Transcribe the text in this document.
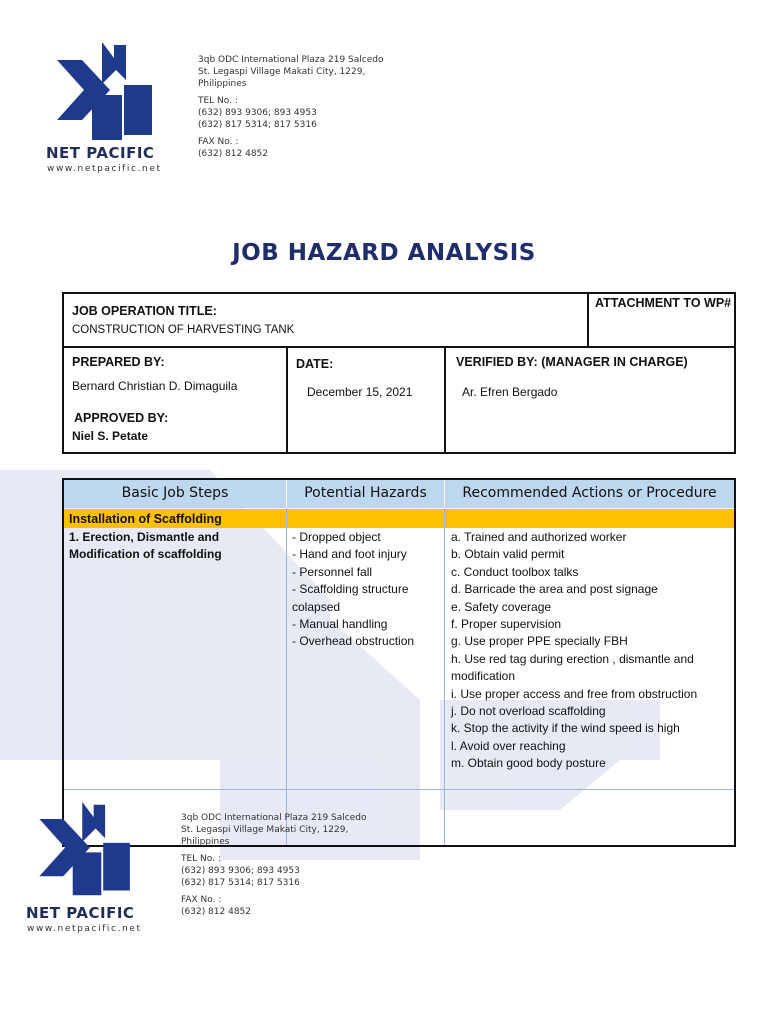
NET PACIFIC
www.netpacific.net
3qb ODC International Plaza 219 Salcedo
St. Legaspi Village Makati City, 1229,
Philippines
TEL No. :
(632) 893 9306; 893 4953
(632) 817 5314; 817 5316
FAX No. :
(632) 812 4852
JOB HAZARD ANALYSIS
JOB OPERATION TITLE:
CONSTRUCTION OF HARVESTING TANK
ATTACHMENT TO WP#
PREPARED BY:
Bernard Christian D. Dimaguila
APPROVED BY:
Niel S. Petate
DATE:
December 15, 2021
VERIFIED BY: (MANAGER IN CHARGE)
Ar. Efren Bergado
Basic Job Steps	Potential Hazards	Recommended Actions or Procedure
Installation of Scaffolding
1. Erection, Dismantle and
Modification of scaffolding
- Dropped object
- Hand and foot injury
- Personnel fall
- Scaffolding structure
colapsed
- Manual handling
- Overhead obstruction
a. Trained and authorized worker
b. Obtain valid permit
c. Conduct toolbox talks
d. Barricade the area and post signage
e. Safety coverage
f. Proper supervision
g. Use proper PPE specially FBH
h. Use red tag during erection , dismantle and
modification
i. Use proper access and free from obstruction
j. Do not overload scaffolding
k. Stop the activity if the wind speed is high
l. Avoid over reaching
m. Obtain good body posture
NET PACIFIC
www.netpacific.net
3qb ODC International Plaza 219 Salcedo
St. Legaspi Village Makati City, 1229,
Philippines
TEL No. :
(632) 893 9306; 893 4953
(632) 817 5314; 817 5316
FAX No. :
(632) 812 4852
